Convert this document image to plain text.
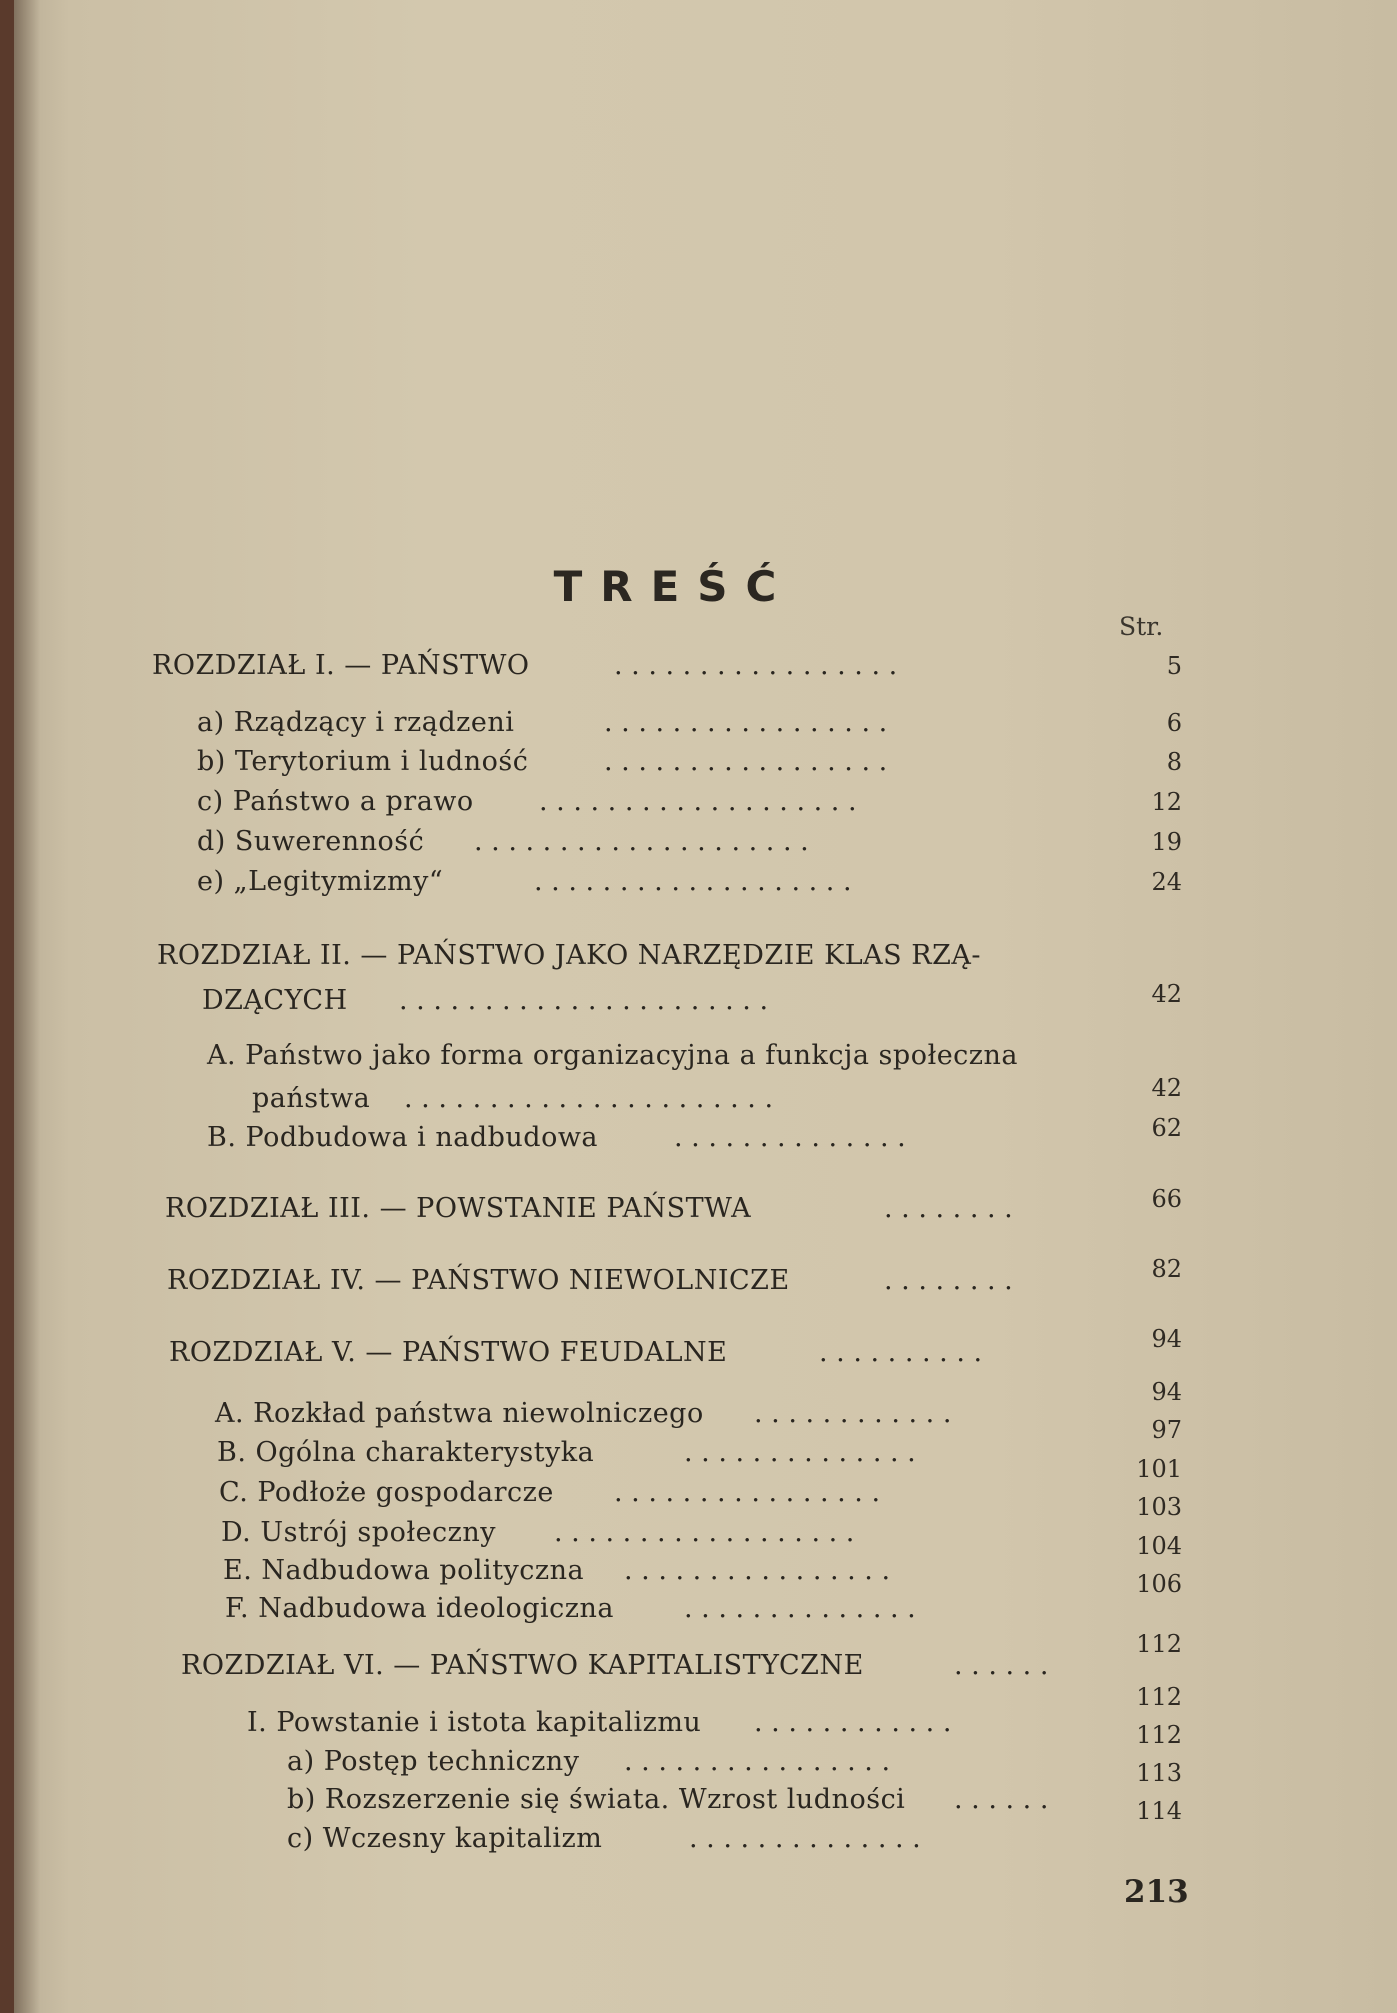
TREŚĆ
Str.
ROZDZIAŁ I. — PAŃSTWO
a) Rządzący i rządzeni
b) Terytorium i ludność
c) Państwo a prawo
d) Suwerenność
e) „Legitymizmy“
ROZDZIAŁ II. — PAŃSTWO JAKO NARZĘDZIE KLAS RZĄ-
DZĄCYCH
A. Państwo jako forma organizacyjna a funkcja społeczna
państwa
B. Podbudowa i nadbudowa
ROZDZIAŁ III. — POWSTANIE PAŃSTWA
ROZDZIAŁ IV. — PAŃSTWO NIEWOLNICZE
ROZDZIAŁ V. — PAŃSTWO FEUDALNE
A. Rozkład państwa niewolniczego
B. Ogólna charakterystyka
C. Podłoże gospodarcze
D. Ustrój społeczny
E. Nadbudowa polityczna
F. Nadbudowa ideologiczna
ROZDZIAŁ VI. — PAŃSTWO KAPITALISTYCZNE
I. Powstanie i istota kapitalizmu
a) Postęp techniczny
b) Rozszerzenie się świata. Wzrost ludności
c) Wczesny kapitalizm
. . . . . . . . . . . . . . . . .
. . . . . . . . . . . . . . . . .
. . . . . . . . . . . . . . . . .
. . . . . . . . . . . . . . . . . . .
. . . . . . . . . . . . . . . . . . . .
. . . . . . . . . . . . . . . . . . .
. . . . . . . . . . . . . . . . . . . . . .
. . . . . . . . . . . . . . . . . . . . . .
. . . . . . . . . . . . . .
. . . . . . . .
. . . . . . . .
. . . . . . . . . .
. . . . . . . . . . . .
. . . . . . . . . . . . . .
. . . . . . . . . . . . . . . .
. . . . . . . . . . . . . . . . . .
. . . . . . . . . . . . . . . .
. . . . . . . . . . . . . .
. . . . . .
. . . . . . . . . . . .
. . . . . . . . . . . . . . . .
. . . . . .
. . . . . . . . . . . . . .
5
6
8
12
19
24
42
42
62
66
82
94
94
97
101
103
104
106
112
112
112
113
114
213
